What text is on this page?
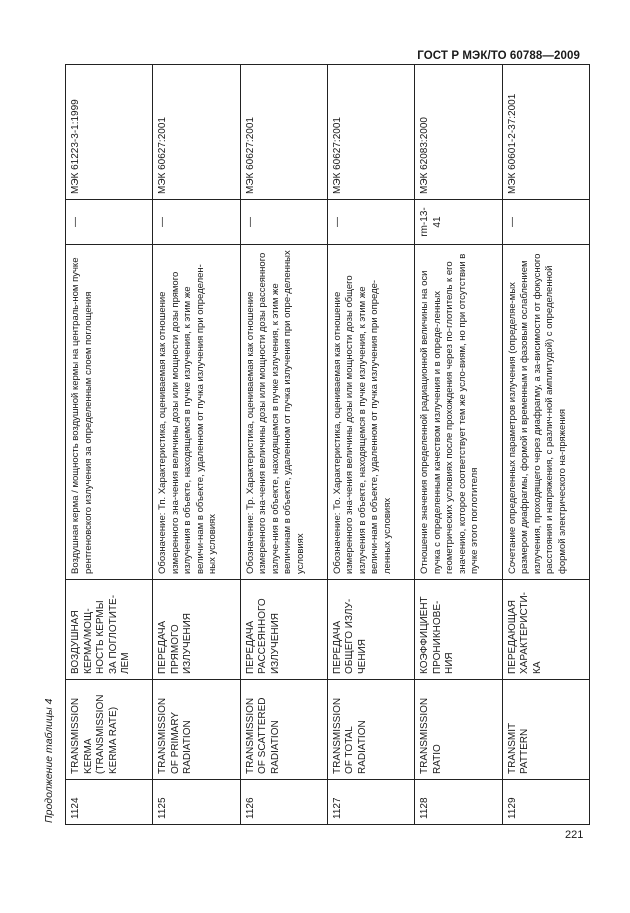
ГОСТ Р МЭК/ТО 60788—2009
Продолжение таблицы 4 1124	TRANSMISSION KERMA (TRANSMISSION KERMA RATE)	ВОЗДУШНАЯ КЕРМА/МОЩ-НОСТЬ КЕРМЫ ЗА ПОГЛОТИТЕ-ЛЕМ	Воздушная керма / мощность воздушной кермы на централь-ном пучке рентгеновского излучения за определенным слоем поглощения	—	МЭК 61223-3-1:1999
1125	TRANSMISSION OF PRIMARY RADIATION	ПЕРЕДАЧА ПРЯМОГО ИЗЛУЧЕНИЯ	Обозначение: Тп. Характеристика, оцениваемая как отношение измеренного зна-чения величины дозы или мощности дозы прямого излучения в объекте, находящемся в пучке излучения, к этим же величи-нам в объекте, удаленном от пучка излучения при определен-ных условиях	—	МЭК 60627:2001
1126	TRANSMISSION OF SCATTERED RADIATION	ПЕРЕДАЧА РАССЕЯННОГО ИЗЛУЧЕНИЯ	Обозначение: Тр. Характеристика, оцениваемая как отношение измеренного зна-чения величины дозы или мощности дозы рассеянного излуче-ния в объекте, находящемся в пучке излучения, к этим же величинам в объекте, удаленном от пучка излучения при опре-деленных условиях	—	МЭК 60627:2001
1127	TRANSMISSION OF TOTAL RADIATION	ПЕРЕДАЧА ОБЩЕГО ИЗЛУ-ЧЕНИЯ	Обозначение: То. Характеристика, оцениваемая как отношение измеренного зна-чения величины дозы или мощности дозы общего излучения в объекте, находящемся в пучке излучения, к этим же величи-нам в объекте, удаленном от пучка излучения при опреде-ленных условиях	—	МЭК 60627:2001
1128	TRANSMISSION RATIO	КОЭФФИЦИЕНТ ПРОНИКНОВЕ-НИЯ	Отношение значения определенной радиационной величины на оси пучка с определенным качеством излучения и в опреде-ленных геометрических условиях после прохождения через по-глотитель к его значению, которое соответствует тем же усло-виям, но при отсутствии в пучке этого поглотителя	rm-13-41	МЭК 62083:2000
1129	TRANSMIT PATTERN	ПЕРЕДАЮЩАЯ ХАРАКТЕРИСТИ-КА	Сочетание определенных параметров излучения (определяе-мых размером диафрагмы, формой и временным и фазовым ослаблением излучения, проходящего через диафрагму, а за-висимости от фокусного расстояния и напряжения, с различ-ной амплитудой) с определенной формой электрического на-пряжения	—	МЭК 60601-2-37:2001
221
